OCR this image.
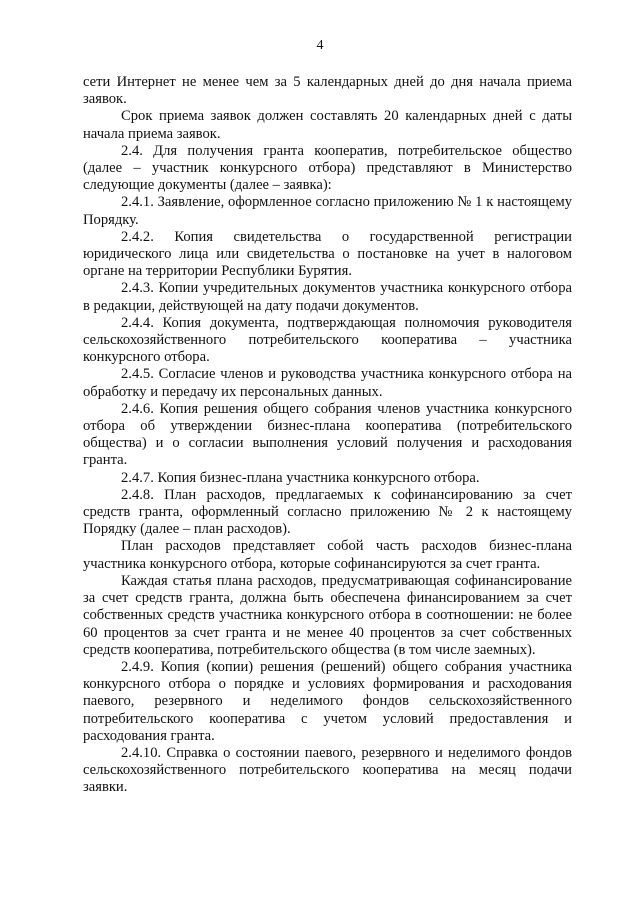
4

сети Интернет не менее чем за 5 календарных дней до дня начала приема заявок.

Срок приема заявок должен составлять 20 календарных дней с даты начала приема заявок.

2.4. Для получения гранта кооператив, потребительское общество (далее – участник конкурсного отбора) представляют в Министерство следующие документы (далее – заявка):

2.4.1. Заявление, оформленное согласно приложению № 1 к настоящему Порядку.

2.4.2. Копия свидетельства о государственной регистрации юридического лица или свидетельства о постановке на учет в налоговом органе на территории Республики Бурятия.

2.4.3. Копии учредительных документов участника конкурсного отбора в редакции, действующей на дату подачи документов.

2.4.4. Копия документа, подтверждающая полномочия руководителя сельскохозяйственного потребительского кооператива – участника конкурсного отбора.

2.4.5. Согласие членов и руководства участника конкурсного отбора на обработку и передачу их персональных данных.

2.4.6. Копия решения общего собрания членов участника конкурсного отбора об утверждении бизнес-плана кооператива (потребительского общества) и о согласии выполнения условий получения и расходования гранта.

2.4.7. Копия бизнес-плана участника конкурсного отбора.

2.4.8. План расходов, предлагаемых к софинансированию за счет средств гранта, оформленный согласно приложению № 2 к настоящему Порядку (далее – план расходов).

План расходов представляет собой часть расходов бизнес-плана участника конкурсного отбора, которые софинансируются за счет гранта.

Каждая статья плана расходов, предусматривающая софинансирование за счет средств гранта, должна быть обеспечена финансированием за счет собственных средств участника конкурсного отбора в соотношении: не более 60 процентов за счет гранта и не менее 40 процентов за счет собственных средств кооператива, потребительского общества (в том числе заемных).

2.4.9. Копия (копии) решения (решений) общего собрания участника конкурсного отбора о порядке и условиях формирования и расходования паевого, резервного и неделимого фондов сельскохозяйственного потребительского кооператива с учетом условий предоставления и расходования гранта.

2.4.10. Справка о состоянии паевого, резервного и неделимого фондов сельскохозяйственного потребительского кооператива на месяц подачи заявки.
